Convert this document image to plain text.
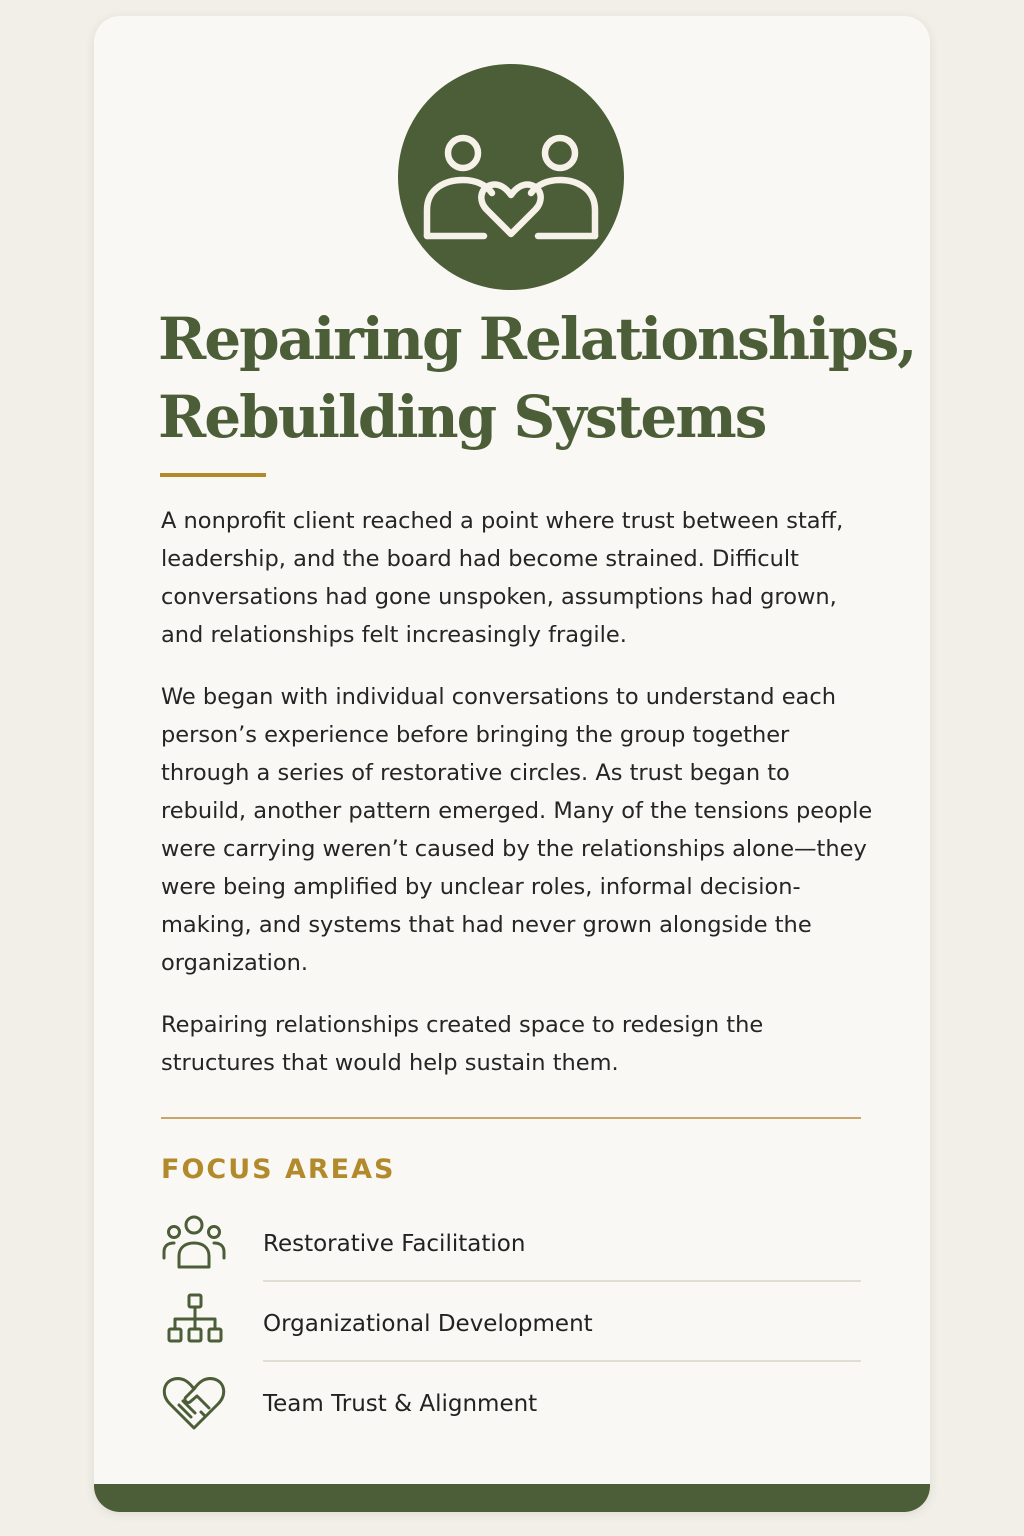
Repairing Relationships,
Rebuilding Systems

A nonprofit client reached a point where trust between staff, leadership, and the board had become strained. Difficult conversations had gone unspoken, assumptions had grown, and relationships felt increasingly fragile.

We began with individual conversations to understand each person’s experience before bringing the group together through a series of restorative circles. As trust began to rebuild, another pattern emerged. Many of the tensions people were carrying weren’t caused by the relationships alone—they were being amplified by unclear roles, informal decision-making, and systems that had never grown alongside the organization.

Repairing relationships created space to redesign the structures that would help sustain them.

FOCUS AREAS
Restorative Facilitation
Organizational Development
Team Trust & Alignment
